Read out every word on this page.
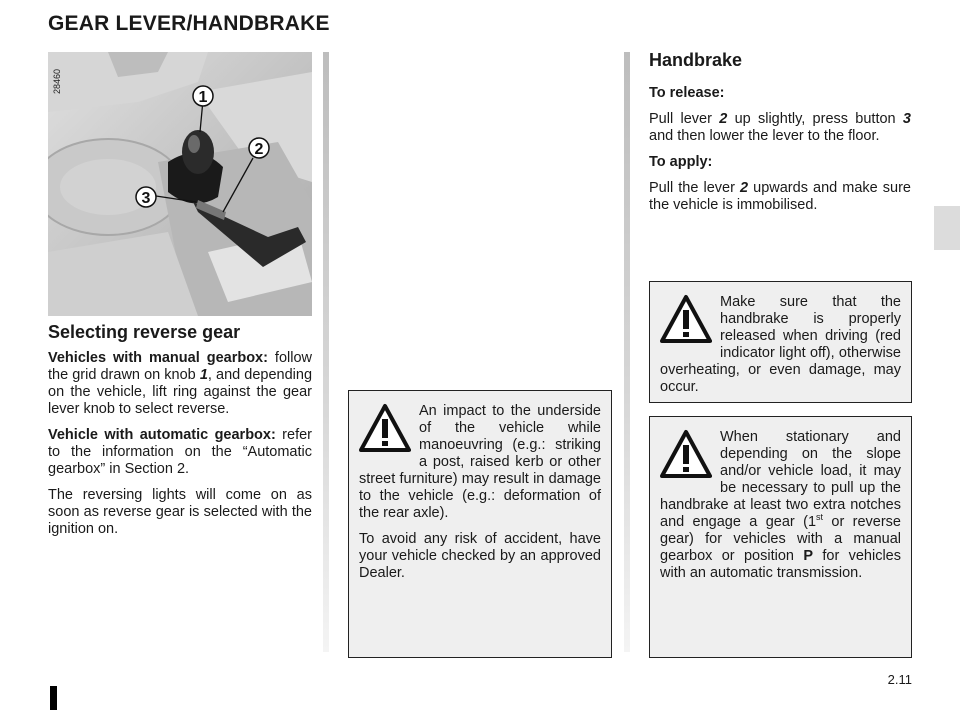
GEAR LEVER/HANDBRAKE
1
2
3
28460
Selecting reverse gear

Vehicles with manual gearbox: follow the grid drawn on knob 1, and depending on the vehicle, lift ring against the gear lever knob to select reverse.

Vehicle with automatic gearbox: refer to the information on the “Automatic gearbox” in Section 2.

The reversing lights will come on as soon as reverse gear is selected with the ignition on.

An impact to the underside of the vehicle while manoeuvring (e.g.: striking a post, raised kerb or other street furniture) may result in damage to the vehicle (e.g.: deformation of the rear axle).

To avoid any risk of accident, have your vehicle checked by an approved Dealer.

Handbrake

To release:

Pull lever 2 up slightly, press button 3 and then lower the lever to the floor.

To apply:

Pull the lever 2 upwards and make sure the vehicle is immobilised.

Make sure that the handbrake is properly released when driving (red indicator light off), otherwise overheating, or even damage, may occur.

When stationary and depending on the slope and/or vehicle load, it may be necessary to pull up the handbrake at least two extra notches and engage a gear (1st or reverse gear) for vehicles with a manual gearbox or position P for vehicles with an automatic transmission.

2.11
